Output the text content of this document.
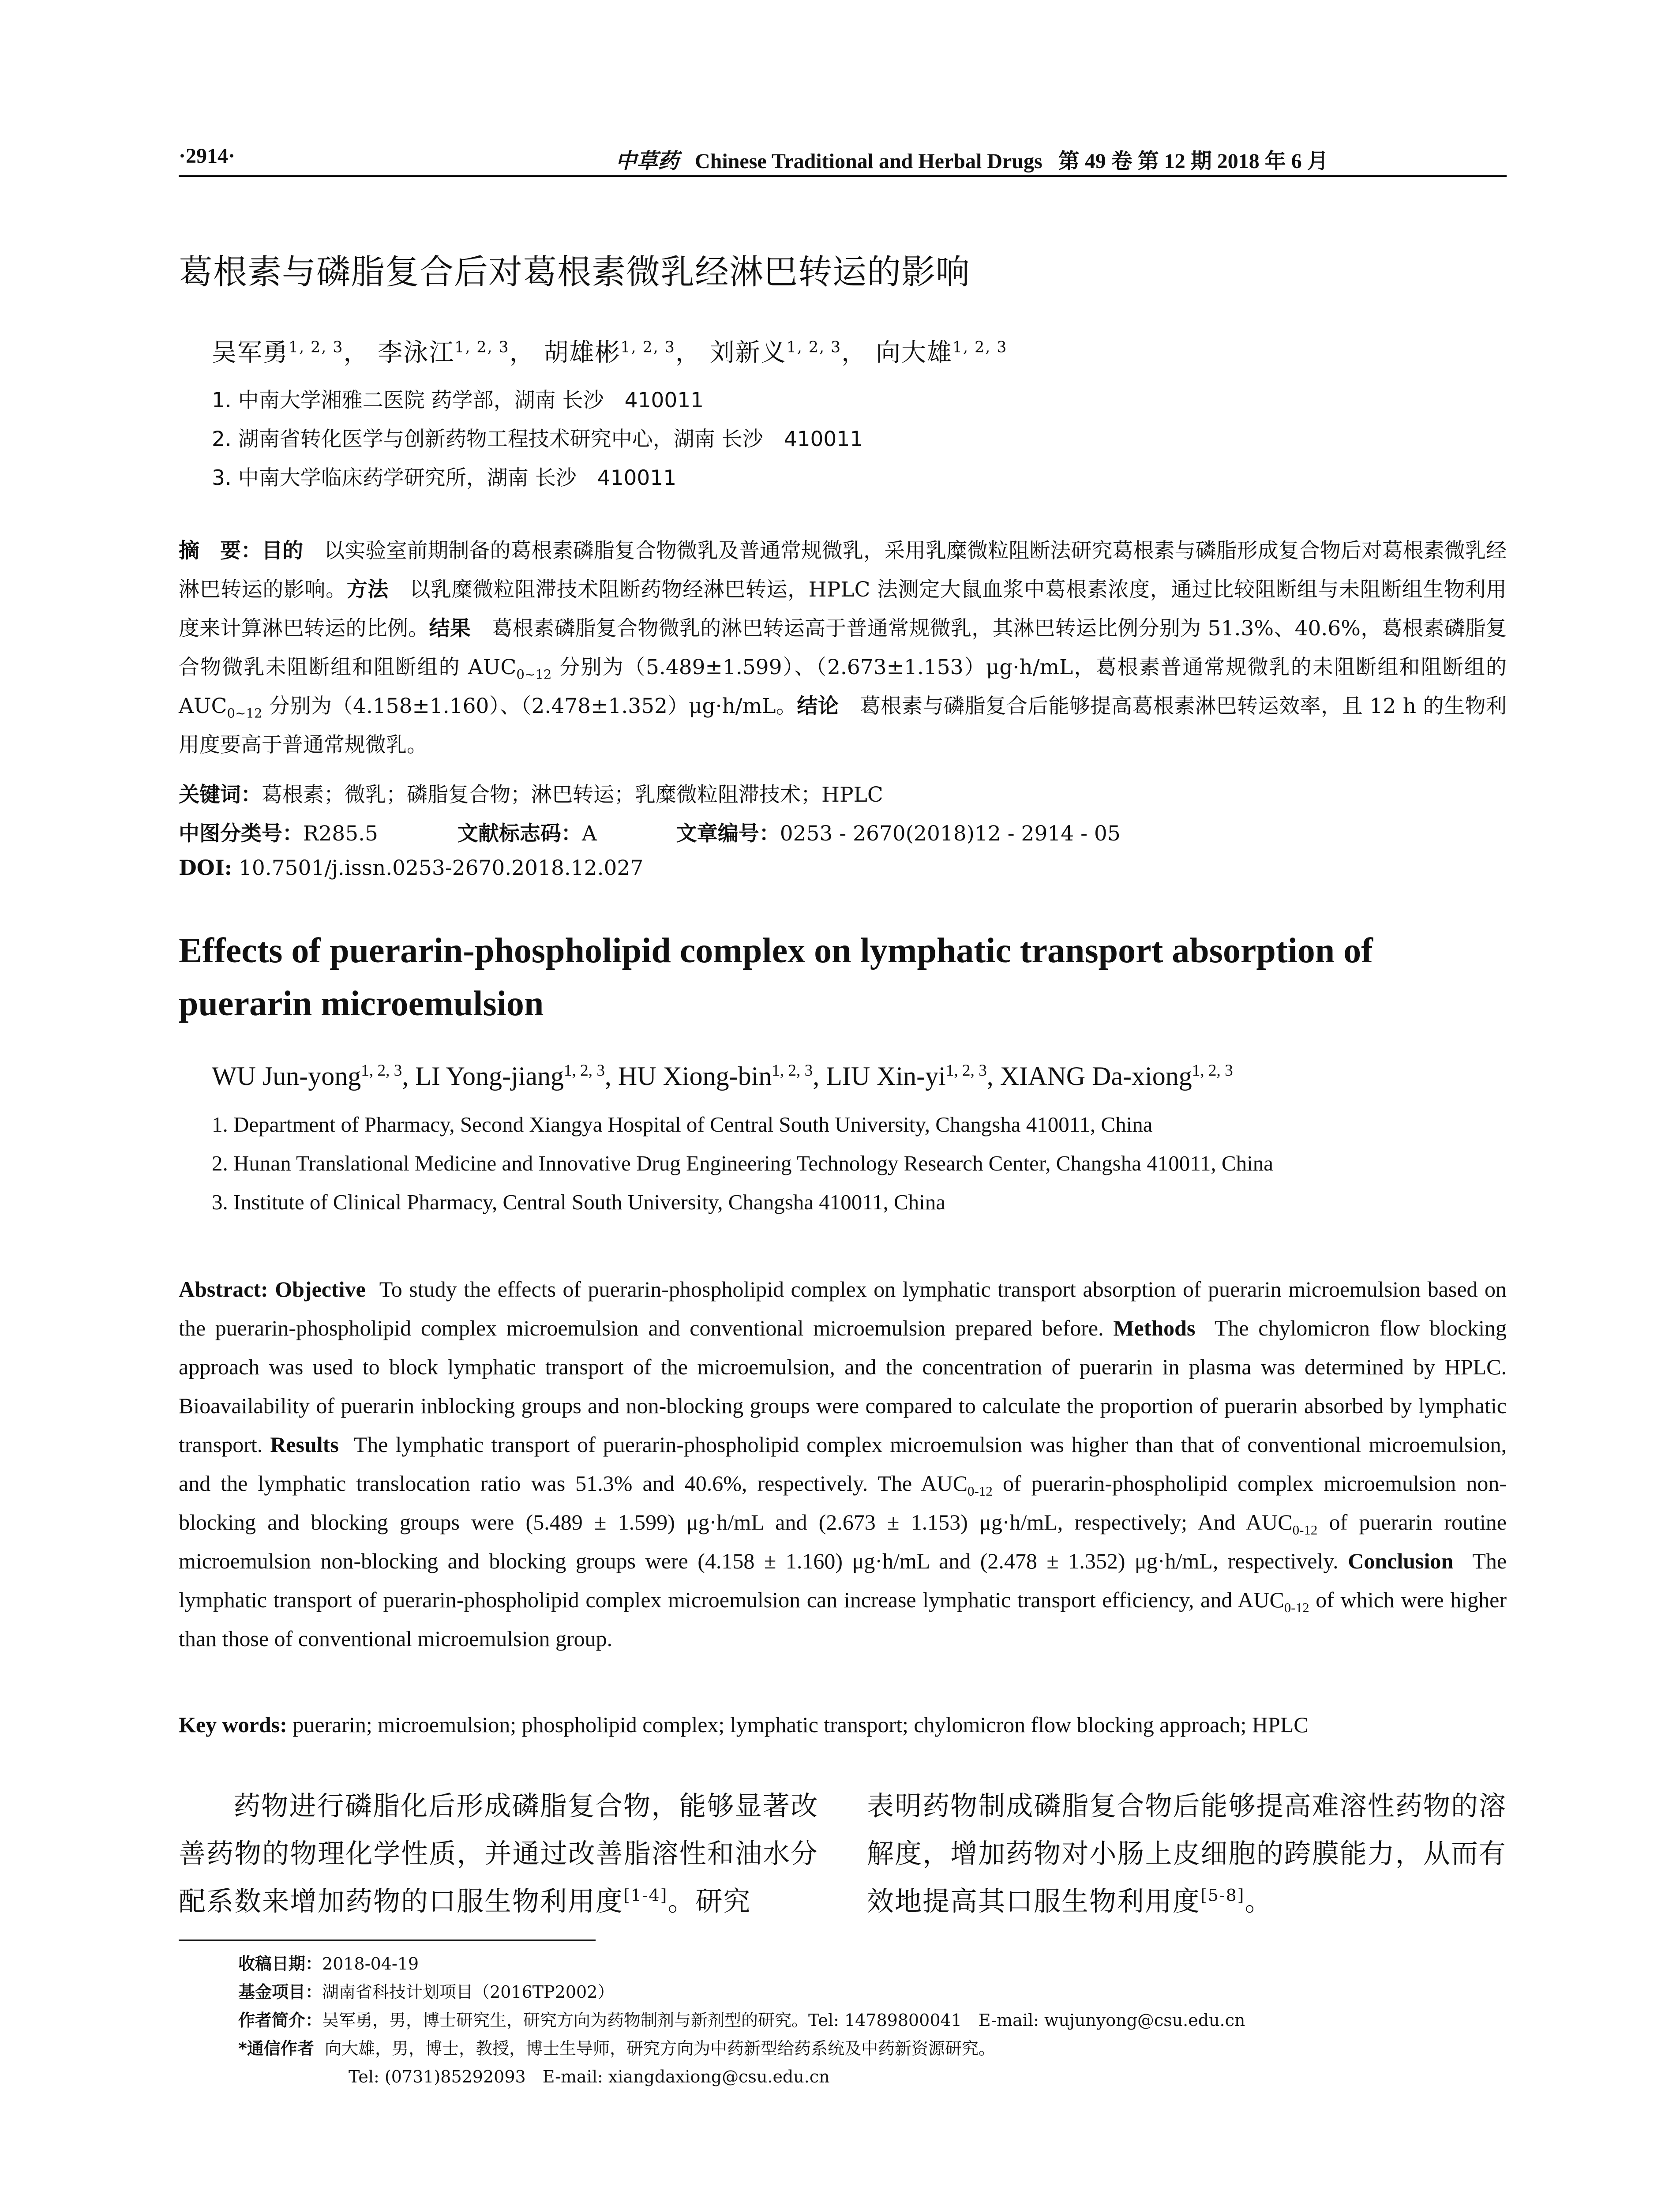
·2914·	中草药 Chinese Traditional and Herbal Drugs 第 49 卷 第 12 期 2018 年 6 月
葛根素与磷脂复合后对葛根素微乳经淋巴转运的影响
吴军勇$^{1, 2, 3}$， 李泳江$^{1, 2, 3}$， 胡雄彬$^{1, 2, 3}$， 刘新义$^{1, 2, 3}$， 向大雄$^{1, 2, 3}$
1. 中南大学湘雅二医院 药学部，湖南 长沙　410011
2. 湖南省转化医学与创新药物工程技术研究中心，湖南 长沙　410011
3. 中南大学临床药学研究所，湖南 长沙　410011
摘　要：目的　 以实验室前期制备的葛根素磷脂复合物微乳及普通常规微乳，采用乳糜微粒阻断法研究葛根素与磷脂形成复合物后对葛根素微乳经淋巴转运的影响。方法　 以乳糜微粒阻滞技术阻断药物经淋巴转运，HPLC 法测定大鼠血浆中葛根素浓度，通过比较阻断组与未阻断组生物利用度来计算淋巴转运的比例。结果　 葛根素磷脂复合物微乳的淋巴转运高于普通常规微乳，其淋巴转运比例分别为 51.3%、40.6%，葛根素磷脂复合物微乳未阻断组和阻断组的 $AUC_{0\sim 12}$ 分别为（5.489±1.599）、（2.673±1.153）μg·h/mL，葛根素普通常规微乳的未阻断组和阻断组的 $AUC_{0\sim 12}$ 分别为（4.158±1.160）、（2.478±1.352）μg·h/mL。结论　 葛根素与磷脂复合后能够提高葛根素淋巴转运效率，且 12 h 的生物利用度要高于普通常规微乳。
关键词：葛根素；微乳；磷脂复合物；淋巴转运；乳糜微粒阻滞技术；HPLC
中图分类号：R285.5	文献标志码：A	文章编号：0253 - 2670(2018)12 - 2914 - 05
DOI: 10.7501/j.issn.0253-2670.2018.12.027
Effects of puerarin-phospholipid complex on lymphatic transport absorption of puerarin microemulsion
WU Jun-yong$^{1, 2, 3}$, LI Yong-jiang$^{1, 2, 3}$, HU Xiong-bin$^{1, 2, 3}$, LIU Xin-yi$^{1, 2, 3}$, XIANG Da-xiong$^{1, 2, 3}$
1. Department of Pharmacy, Second Xiangya Hospital of Central South University, Changsha 410011, China
2. Hunan Translational Medicine and Innovative Drug Engineering Technology Research Center, Changsha 410011, China
3. Institute of Clinical Pharmacy, Central South University, Changsha 410011, China
Abstract: Objective To study the effects of puerarin-phospholipid complex on lymphatic transport absorption of puerarin microemulsion based on the puerarin-phospholipid complex microemulsion and conventional microemulsion prepared before. Methods The chylomicron flow blocking approach was used to block lymphatic transport of the microemulsion, and the concentration of puerarin in plasma was determined by HPLC. Bioavailability of puerarin inblocking groups and non-blocking groups were compared to calculate the proportion of puerarin absorbed by lymphatic transport. Results The lymphatic transport of puerarin-phospholipid complex microemulsion was higher than that of conventional microemulsion, and the lymphatic translocation ratio was 51.3% and 40.6%, respectively. The $AUC_{0-12}$ of puerarin-phospholipid complex microemulsion non-blocking and blocking groups were (5.489 ± 1.599) μg·h/mL and (2.673 ± 1.153) μg·h/mL, respectively; And $AUC_{0-12}$ of puerarin routine microemulsion non-blocking and blocking groups were (4.158 ± 1.160) μg·h/mL and (2.478 ± 1.352) μg·h/mL, respectively. Conclusion The lymphatic transport of puerarin-phospholipid complex microemulsion can increase lymphatic transport efficiency, and $AUC_{0-12}$ of which were higher than those of conventional microemulsion group.
Key words: puerarin; microemulsion; phospholipid complex; lymphatic transport; chylomicron flow blocking approach; HPLC
药物进行磷脂化后形成磷脂复合物，能够显著改善药物的物理化学性质，并通过改善脂溶性和油水分配系数来增加药物的口服生物利用度[1-4]。研究
表明药物制成磷脂复合物后能够提高难溶性药物的溶解度，增加药物对小肠上皮细胞的跨膜能力，从而有效地提高其口服生物利用度[5-8]。
收稿日期：2018-04-19
基金项目：湖南省科技计划项目（2016TP2002）
作者简介：吴军勇，男，博士研究生，研究方向为药物制剂与新剂型的研究。Tel: 14789800041　E-mail: wujunyong@csu.edu.cn
*通信作者 向大雄，男，博士，教授，博士生导师，研究方向为中药新型给药系统及中药新资源研究。
Tel: (0731)85292093　E-mail: xiangdaxiong@csu.edu.cn
